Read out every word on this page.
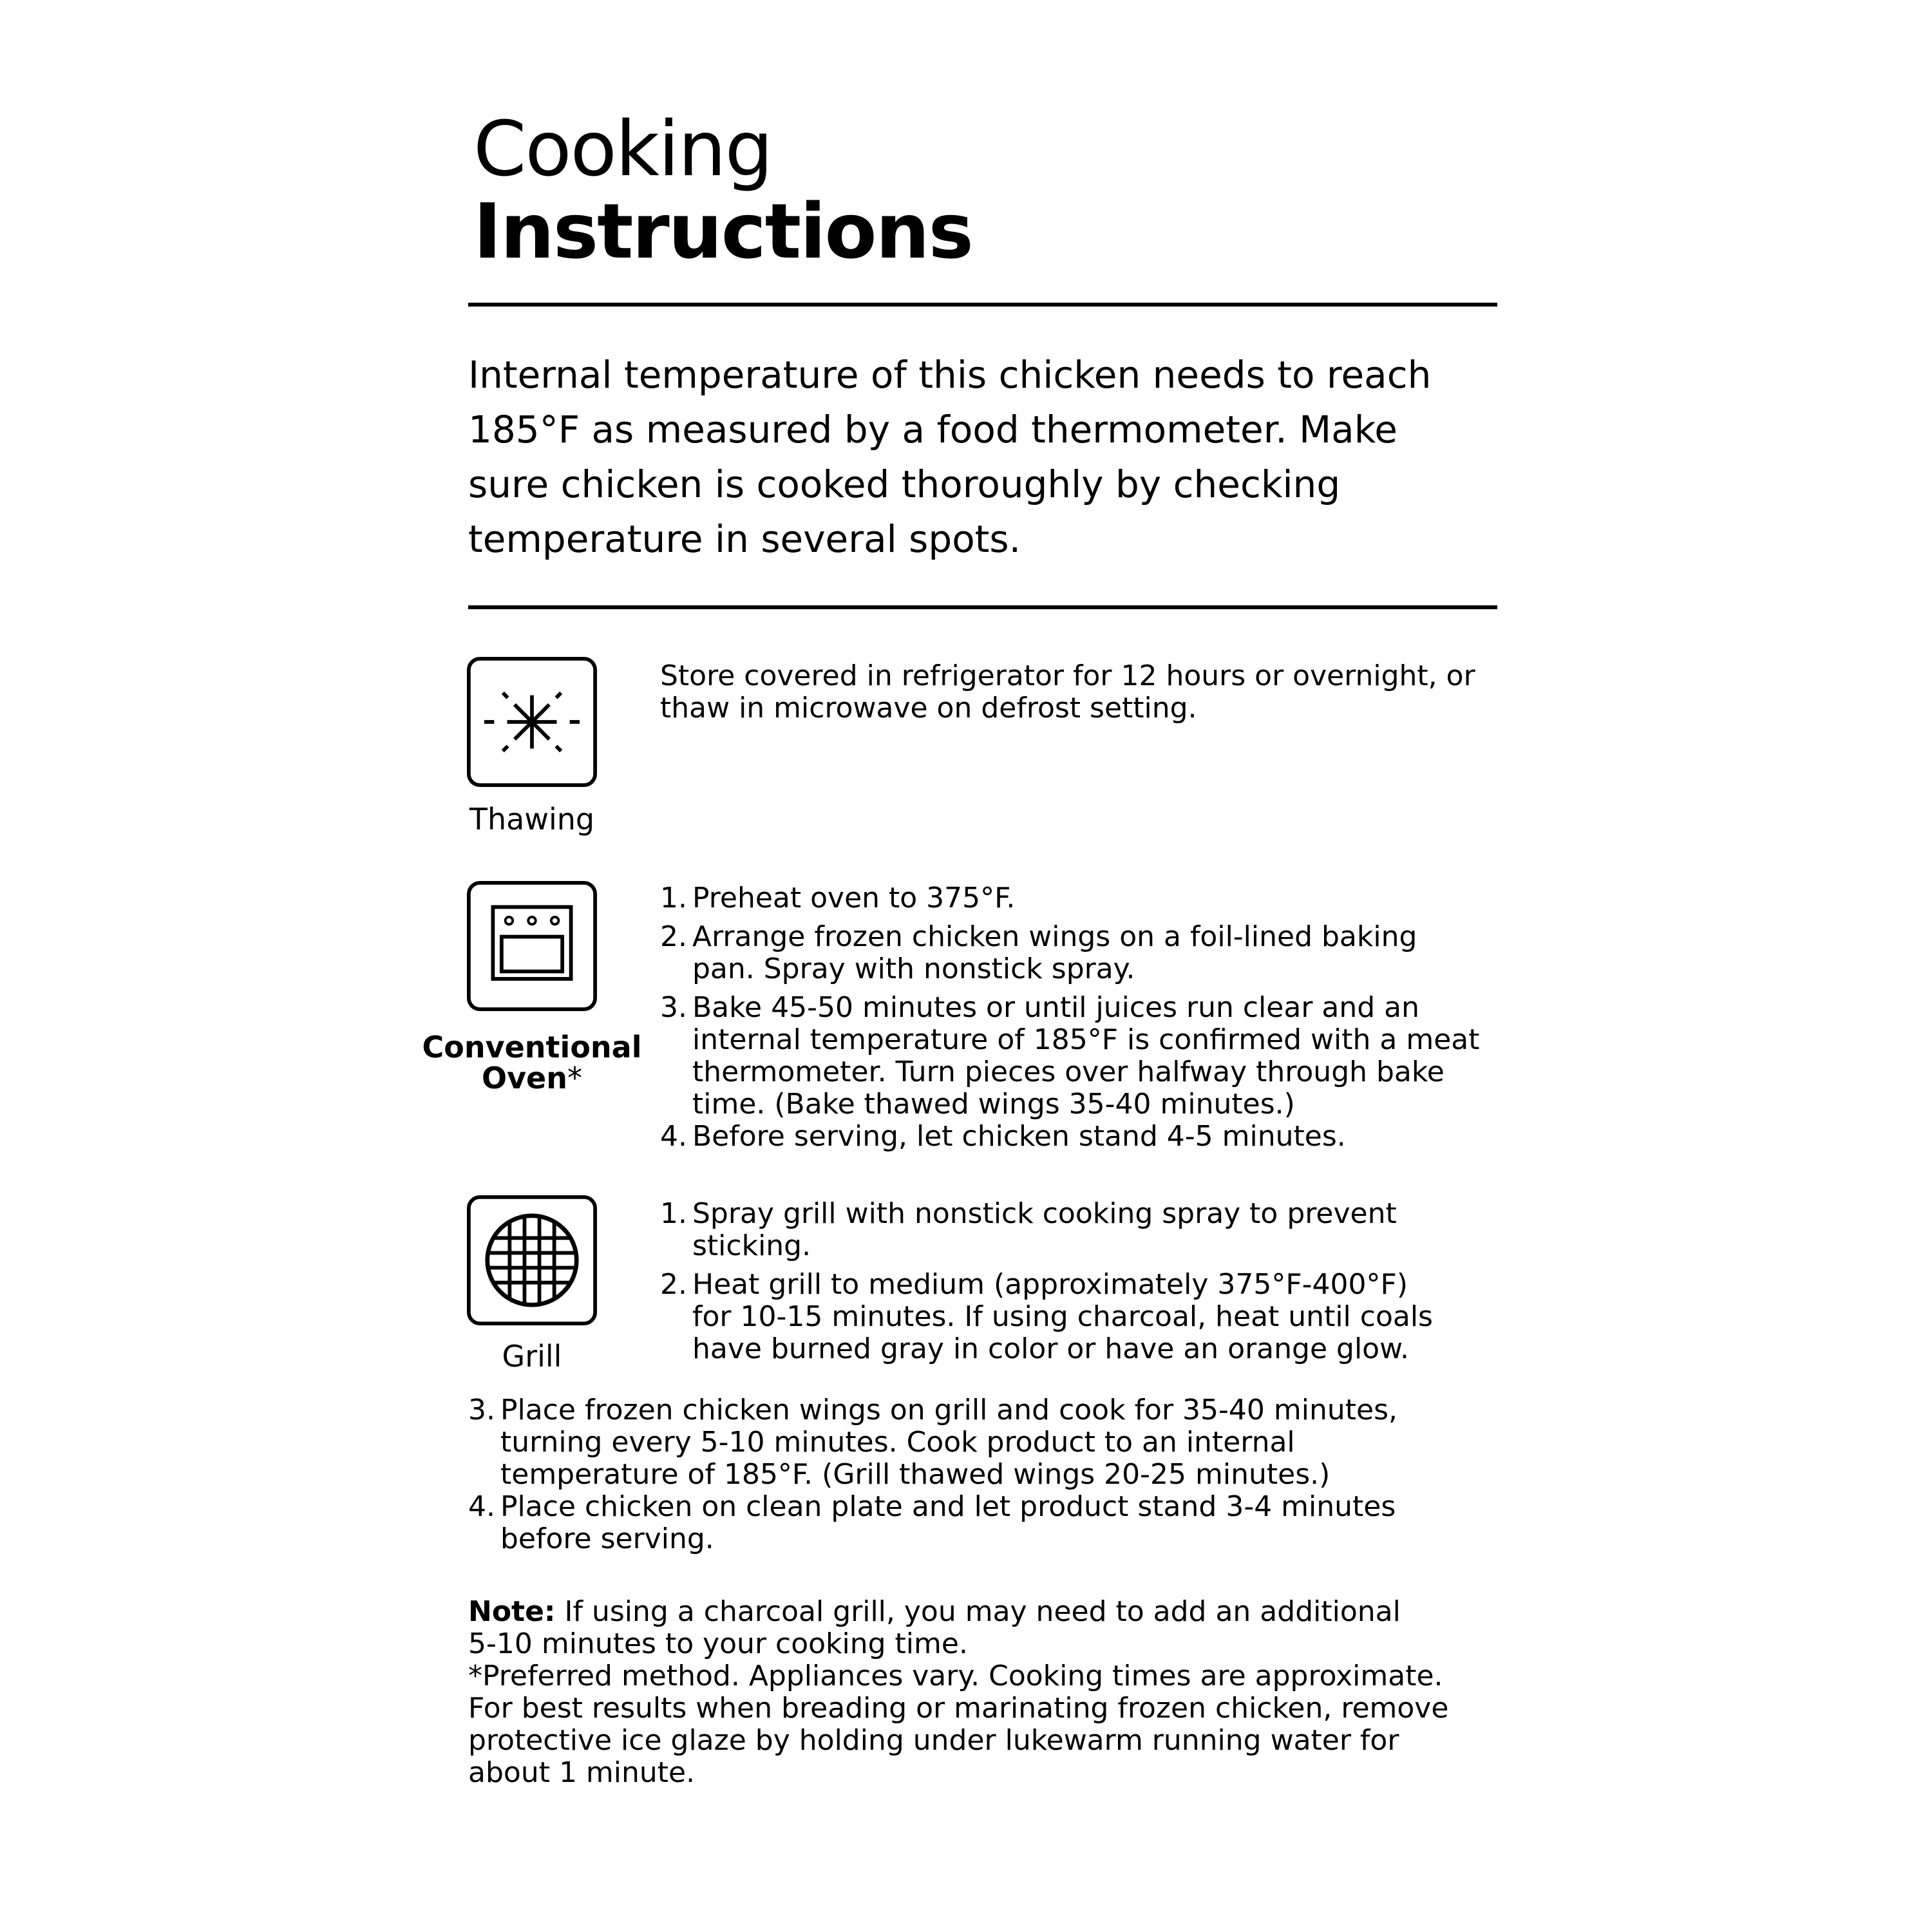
Cooking
Instructions

Internal temperature of this chicken needs to reach

185°F as measured by a food thermometer. Make

sure chicken is cooked thoroughly by checking

temperature in several spots.

Thawing

Store covered in refrigerator for 12 hours or overnight, or

thaw in microwave on defrost setting.

Conventional
Oven*
1. Preheat oven to 375°F.
2. Arrange frozen chicken wings on a foil-lined baking
pan. Spray with nonstick spray.
3. Bake 45-50 minutes or until juices run clear and an
internal temperature of 185°F is confirmed with a meat
thermometer. Turn pieces over halfway through bake
time. (Bake thawed wings 35-40 minutes.)
4. Before serving, let chicken stand 4-5 minutes.
Grill
1. Spray grill with nonstick cooking spray to prevent
sticking.
2. Heat grill to medium (approximately 375°F-400°F)
for 10-15 minutes. If using charcoal, heat until coals
have burned gray in color or have an orange glow.
3. Place frozen chicken wings on grill and cook for 35-40 minutes,
turning every 5-10 minutes. Cook product to an internal
temperature of 185°F. (Grill thawed wings 20-25 minutes.)
4. Place chicken on clean plate and let product stand 3-4 minutes
before serving.

Note: If using a charcoal grill, you may need to add an additional

5-10 minutes to your cooking time.

*Preferred method. Appliances vary. Cooking times are approximate.

For best results when breading or marinating frozen chicken, remove

protective ice glaze by holding under lukewarm running water for

about 1 minute.
